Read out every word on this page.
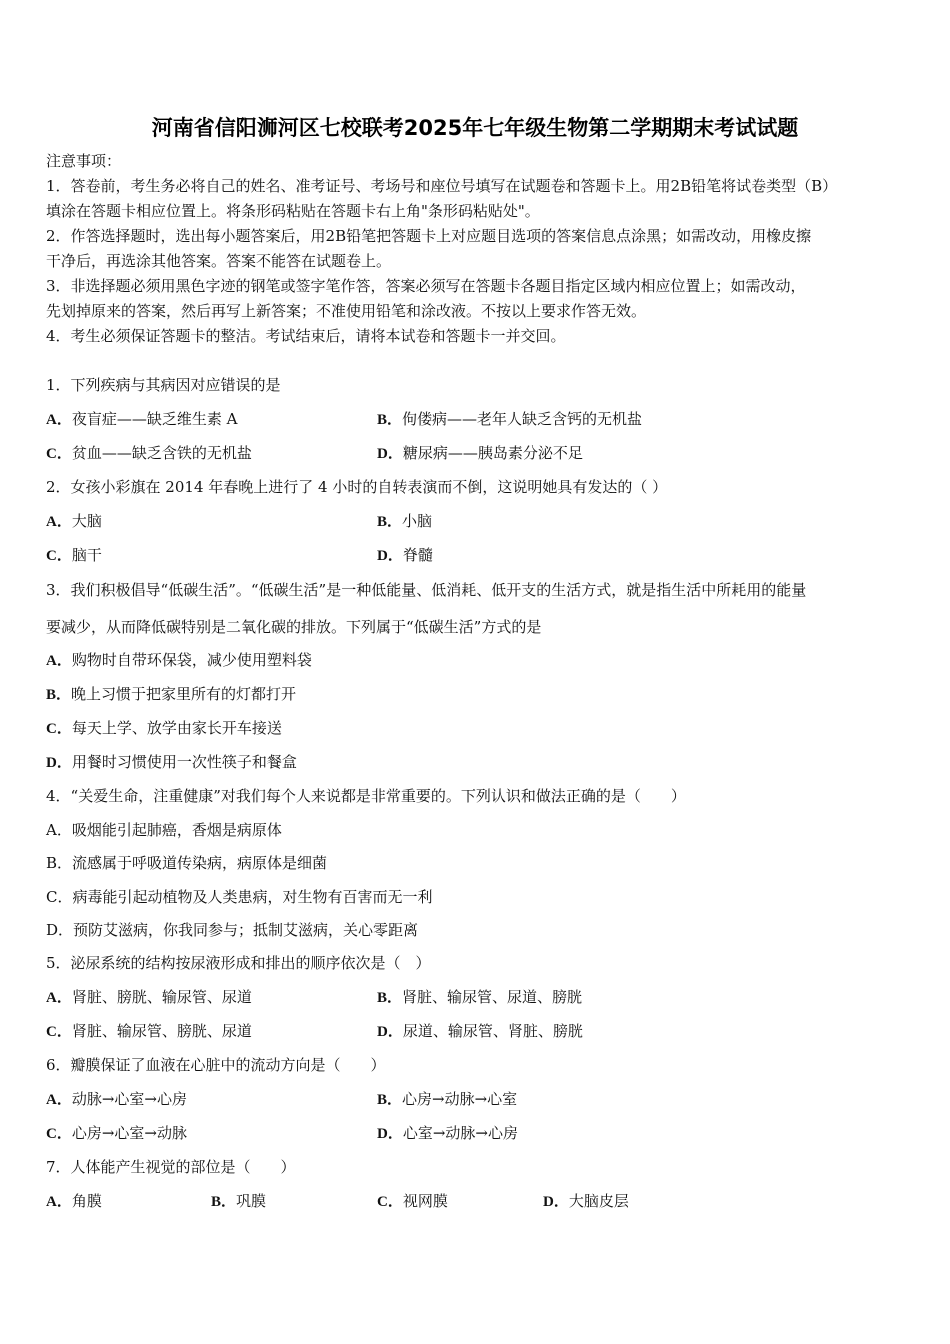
河南省信阳浉河区七校联考2025年七年级生物第二学期期末考试试题
注意事项：
1．答卷前，考生务必将自己的姓名、准考证号、考场号和座位号填写在试题卷和答题卡上。用2B铅笔将试卷类型（B）
填涂在答题卡相应位置上。将条形码粘贴在答题卡右上角"条形码粘贴处"。
2．作答选择题时，选出每小题答案后，用2B铅笔把答题卡上对应题目选项的答案信息点涂黑；如需改动，用橡皮擦
干净后，再选涂其他答案。答案不能答在试题卷上。
3．非选择题必须用黑色字迹的钢笔或签字笔作答，答案必须写在答题卡各题目指定区域内相应位置上；如需改动，
先划掉原来的答案，然后再写上新答案；不准使用铅笔和涂改液。不按以上要求作答无效。
4．考生必须保证答题卡的整洁。考试结束后，请将本试卷和答题卡一并交回。
1．下列疾病与其病因对应错误的是
A．夜盲症——缺乏维生素 A	B．佝偻病——老年人缺乏含钙的无机盐
C．贫血——缺乏含铁的无机盐	D．糖尿病——胰岛素分泌不足
2．女孩小彩旗在 2014 年春晚上进行了 4 小时的自转表演而不倒，这说明她具有发达的（ ）
A．大脑	B．小脑
C．脑干	D．脊髓
3．我们积极倡导“低碳生活”。“低碳生活”是一种低能量、低消耗、低开支的生活方式，就是指生活中所耗用的能量
要减少，从而降低碳特别是二氧化碳的排放。下列属于“低碳生活”方式的是
A．购物时自带环保袋，减少使用塑料袋
B．晚上习惯于把家里所有的灯都打开
C．每天上学、放学由家长开车接送
D．用餐时习惯使用一次性筷子和餐盒
4．“关爱生命，注重健康”对我们每个人来说都是非常重要的。下列认识和做法正确的是（　　）
A．吸烟能引起肺癌，香烟是病原体
B．流感属于呼吸道传染病，病原体是细菌
C．病毒能引起动植物及人类患病，对生物有百害而无一利
D．预防艾滋病，你我同参与；抵制艾滋病，关心零距离
5．泌尿系统的结构按尿液形成和排出的顺序依次是（　）
A．肾脏、膀胱、输尿管、尿道	B．肾脏、输尿管、尿道、膀胱
C．肾脏、输尿管、膀胱、尿道	D．尿道、输尿管、肾脏、膀胱
6．瓣膜保证了血液在心脏中的流动方向是（　　）
A．动脉→心室→心房	B．心房→动脉→心室
C．心房→心室→动脉	D．心室→动脉→心房
7．人体能产生视觉的部位是（　　）
A．角膜	B．巩膜	C．视网膜	D．大脑皮层
